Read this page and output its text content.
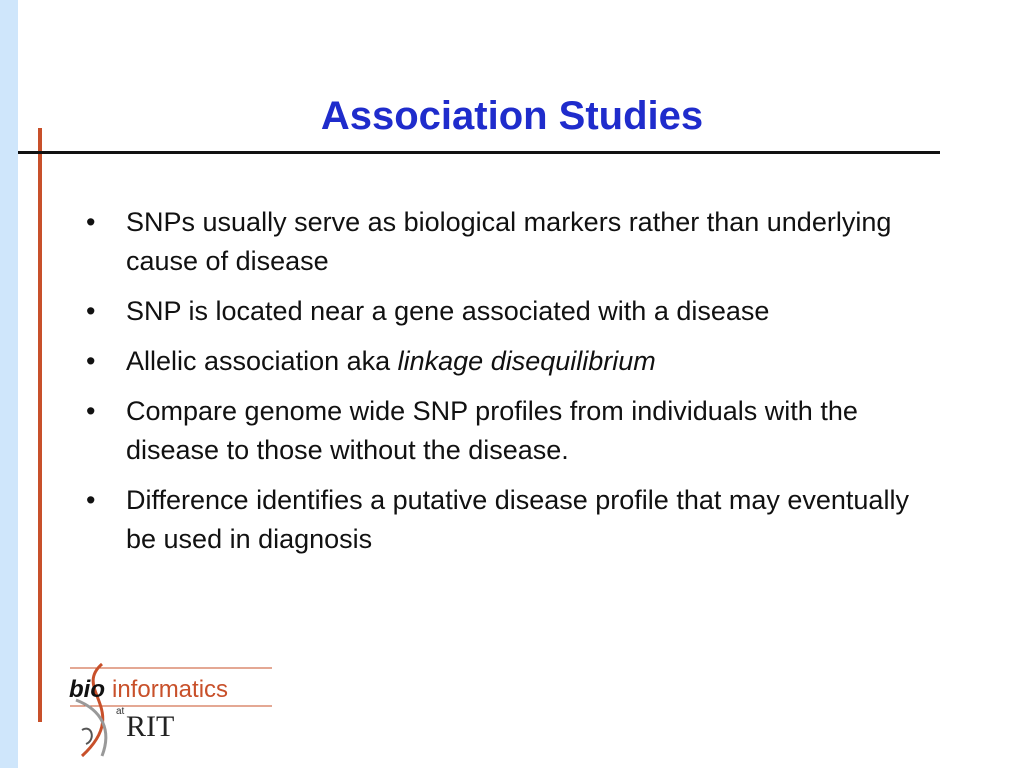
Association Studies
•	SNPs usually serve as biological markers rather than underlying cause of disease
•	SNP is located near a gene associated with a disease
•	Allelic association aka linkage disequilibrium
•	Compare genome wide SNP profiles from individuals with the disease to those without the disease.
•	Difference identifies a putative disease profile that may eventually be used in diagnosis
bio informatics
at RIT
